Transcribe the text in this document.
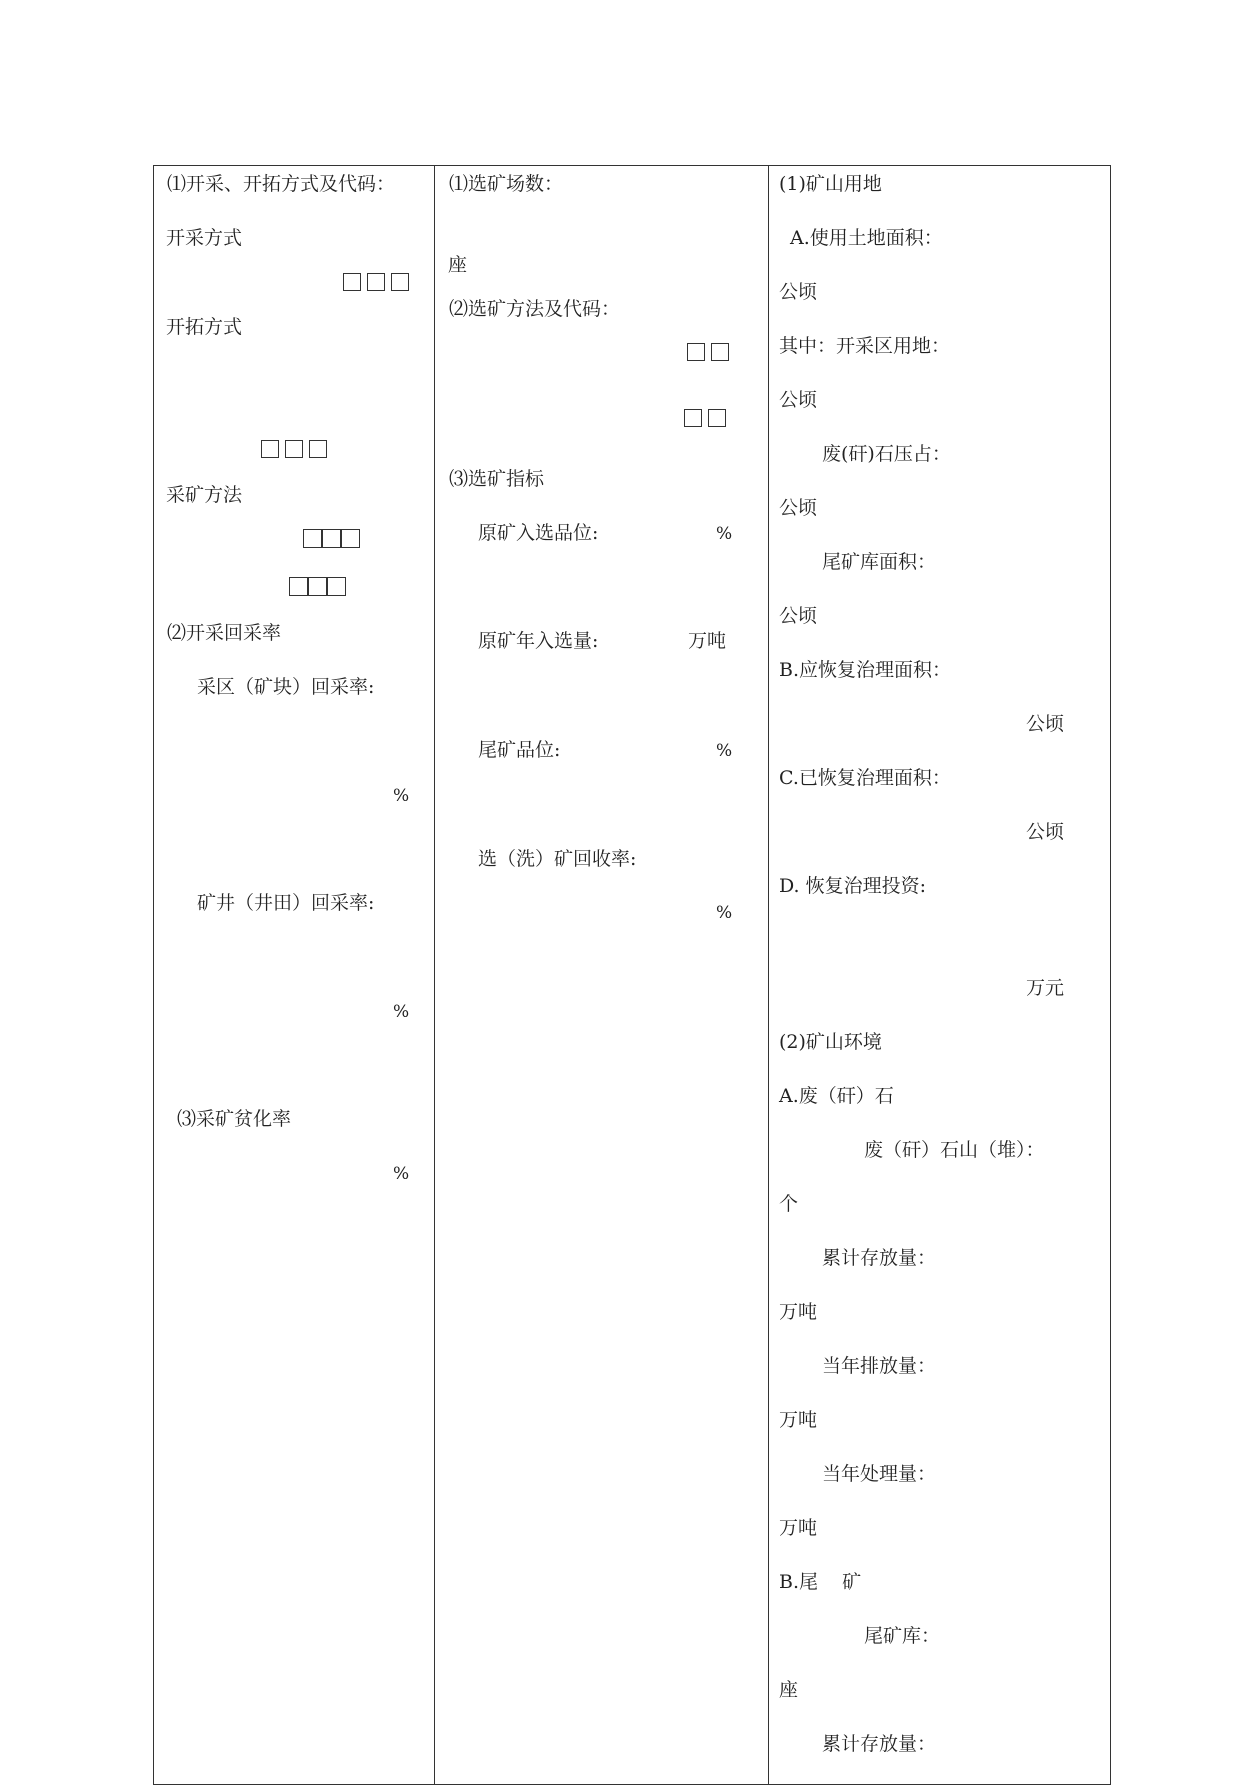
⑴开采、开拓方式及代码：
开采方式
开拓方式
采矿方法
⑵开采回采率
采区（矿块）回采率:
%
矿井（井田）回采率:
%
⑶采矿贫化率
%
⑴选矿场数：
座
⑵选矿方法及代码：
⑶选矿指标
原矿入选品位:	%
原矿年入选量:	万吨
尾矿品位:	%
选（洗）矿回收率:
%
(1)矿山用地
A.使用土地面积：
公顷
其中：开采区用地：
公顷
废(矸)石压占：
公顷
尾矿库面积：
公顷
B.应恢复治理面积：
公顷
C.已恢复治理面积：
公顷
D. 恢复治理投资:
万元
(2)矿山环境
A.废（矸）石
废（矸）石山（堆）：
个
累计存放量：
万吨
当年排放量：
万吨
当年处理量：
万吨
B.尾    矿
尾矿库：
座
累计存放量：
